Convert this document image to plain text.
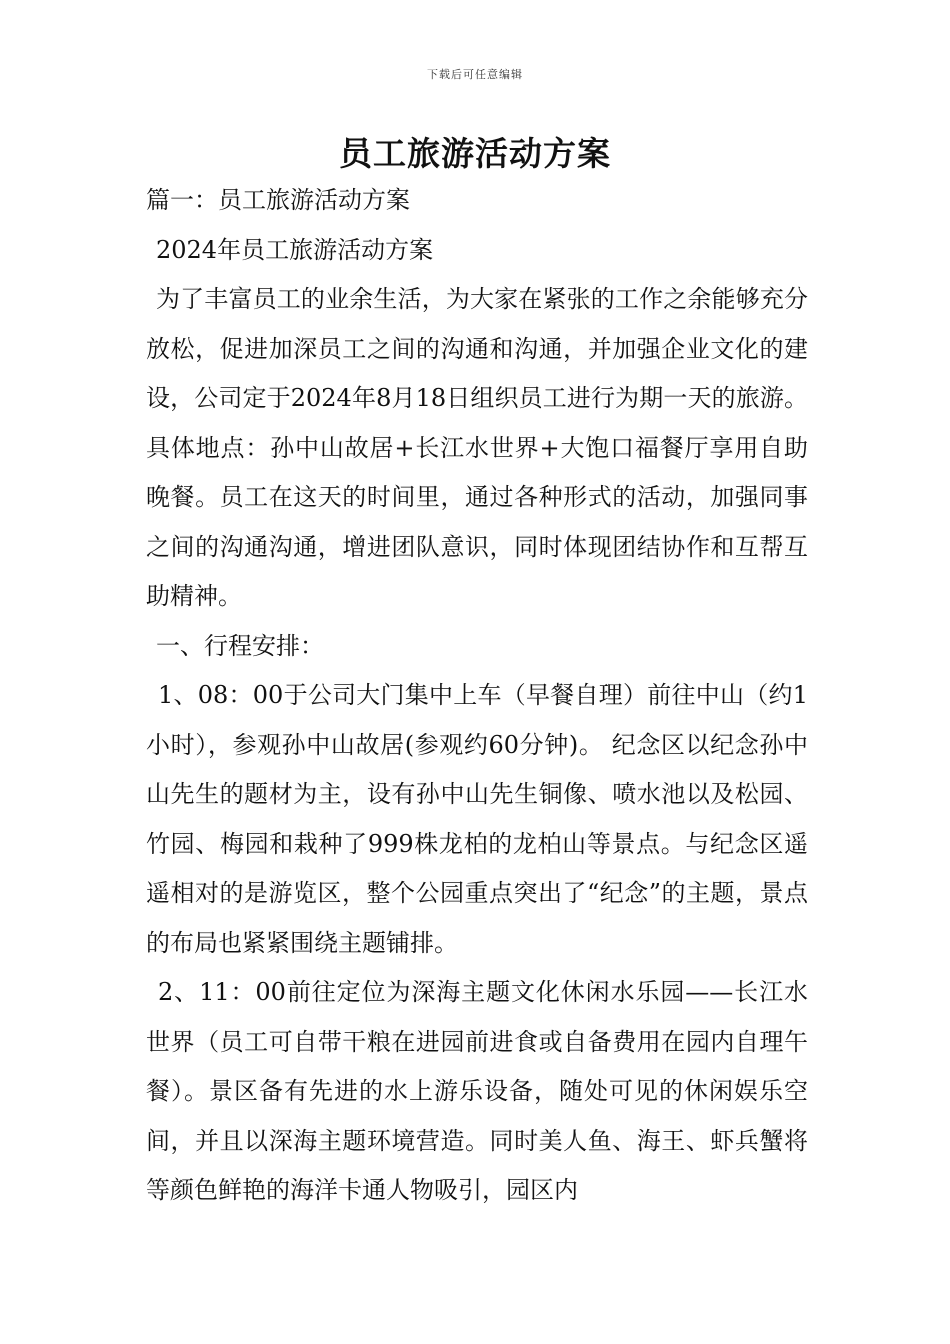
下载后可任意编辑
员工旅游活动方案

篇一：员工旅游活动方案

2024年员工旅游活动方案

为了丰富员工的业余生活，为大家在紧张的工作之余能够充分放松，促进加深员工之间的沟通和沟通，并加强企业文化的建设，公司定于2024年8月18日组织员工进行为期一天的旅游。具体地点：孙中山故居+长江水世界+大饱口福餐厅享用自助晚餐。员工在这天的时间里，通过各种形式的活动，加强同事之间的沟通沟通，增进团队意识，同时体现团结协作和互帮互助精神。

一、行程安排：

1、08：00于公司大门集中上车（早餐自理）前往中山（约1小时），参观孙中山故居(参观约60分钟)。 纪念区以纪念孙中山先生的题材为主，设有孙中山先生铜像、喷水池以及松园、竹园、梅园和栽种了999株龙柏的龙柏山等景点。与纪念区遥遥相对的是游览区，整个公园重点突出了“纪念”的主题，景点的布局也紧紧围绕主题铺排。

2、11：00前往定位为深海主题文化休闲水乐园——长江水世界（员工可自带干粮在进园前进食或自备费用在园内自理午餐）。景区备有先进的水上游乐设备，随处可见的休闲娱乐空间，并且以深海主题环境营造。同时美人鱼、海王、虾兵蟹将等颜色鲜艳的海洋卡通人物吸引，园区内
